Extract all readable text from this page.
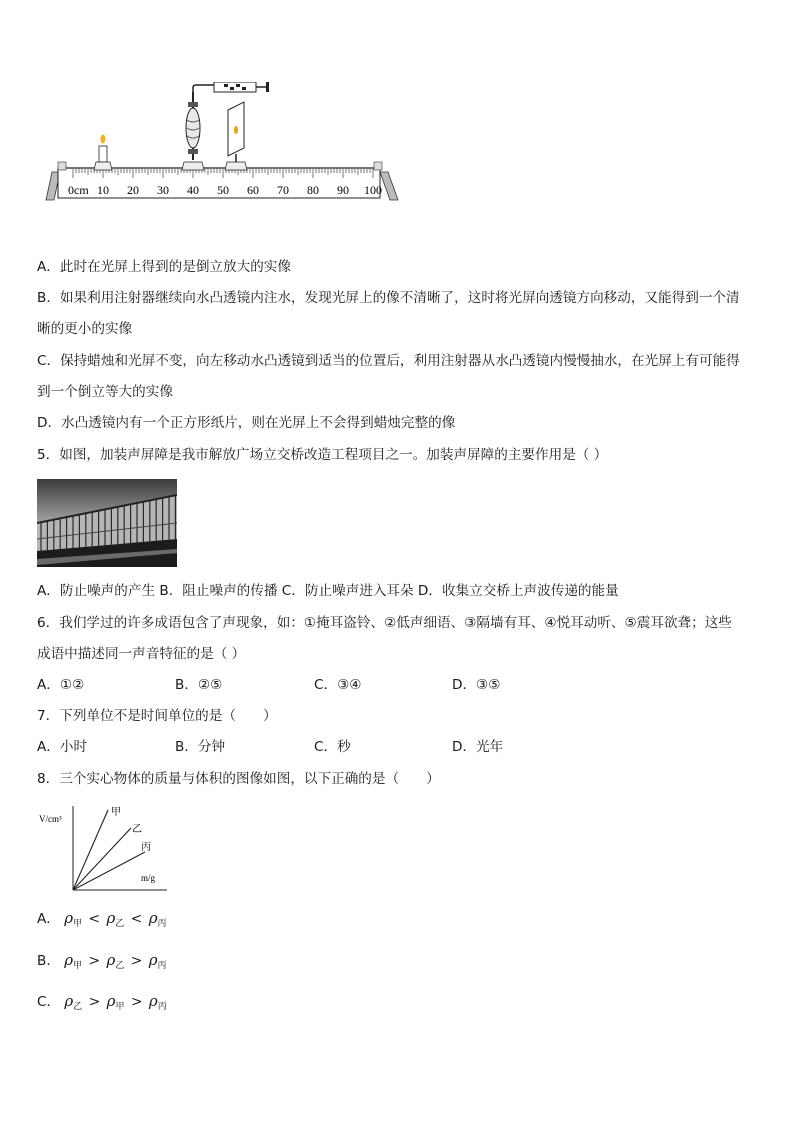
0cm 10 20 30 40 50 60 70 80 90 100
A．此时在光屏上得到的是倒立放大的实像
B．如果利用注射器继续向水凸透镜内注水，发现光屏上的像不清晰了，这时将光屏向透镜方向移动，又能得到一个清
晰的更小的实像
C．保持蜡烛和光屏不变，向左移动水凸透镜到适当的位置后，利用注射器从水凸透镜内慢慢抽水，在光屏上有可能得
到一个倒立等大的实像
D．水凸透镜内有一个正方形纸片，则在光屏上不会得到蜡烛完整的像
5．如图，加装声屏障是我市解放广场立交桥改造工程项目之一。加装声屏障的主要作用是（ ）
A．防止噪声的产生 B．阻止噪声的传播 C．防止噪声进入耳朵 D．收集立交桥上声波传递的能量
6．我们学过的许多成语包含了声现象，如：①掩耳盗铃、②低声细语、③隔墙有耳、④悦耳动听、⑤震耳欲聋；这些
成语中描述同一声音特征的是（ ）
A．①②	B．②⑤	C．③④	D．③⑤
7．下列单位不是时间单位的是（　　）
A．小时	B．分钟	C．秒	D．光年
8．三个实心物体的质量与体积的图像如图，以下正确的是（　　）
V/cm³
m/g
甲
乙
丙
A． $\rho_甲 < \rho_乙 < \rho_丙$
B． $\rho_甲 > \rho_乙 > \rho_丙$
C． $\rho_乙 > \rho_甲 > \rho_丙$
